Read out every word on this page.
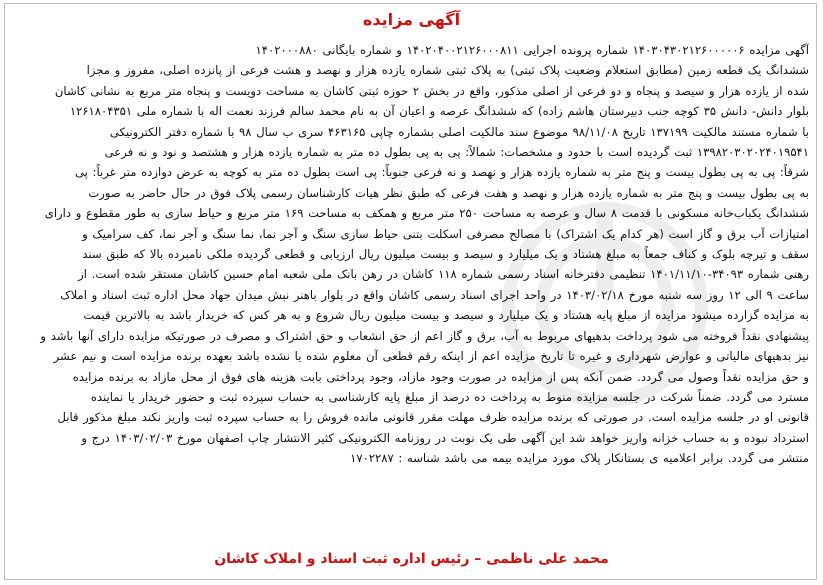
آگهی مزایده
آگهی مزایده ۱۴۰۳۰۴۳۰۲۱۲۶۰۰۰۰۰۶ شماره پرونده اجرایی ۱۴۰۲۰۴۰۰۲۱۲۶۰۰۰۸۱۱ و شماره بایگانی ۱۴۰۲۰۰۰۸۸۰
ششدانگ یک قطعه زمین (مطابق استعلام وضعیت پلاک ثبتی) به پلاک ثبتی شماره یازده هزار و نهصد و هشت فرعی از پانزده اصلی، مفروز و مجزا
شده از یازده هزار و سیصد و پنجاه و دو فرعی از اصلی مذکور، واقع در بخش ۲ حوزه ثبتی کاشان به مساحت دویست و پنجاه متر مربع به نشانی کاشان
بلوار دانش- دانش ۳۵ کوچه جنب دبیرستان هاشم زاده) که ششدانگ عرصه و اعیان آن به نام محمد سالم فرزند نعمت اله با شماره ملی ۱۲۶۱۸۰۴۳۵۱
با شماره مستند مالکیت ۱۳۷۱۹۹ تاریخ ۹۸/۱۱/۰۸ موضوع سند مالکیت اصلی بشماره چاپی ۴۶۳۱۶۵ سری ب سال ۹۸ با شماره دفتر الکترونیکی
۱۳۹۸۲۰۳۰۲۰۲۴۰۱۹۵۴۱ ثبت گردیده است با حدود و مشخصات: شمالاً: پی به پی بطول ده متر به شماره یازده هزار و هشتصد و نود و نه فرعی
شرقاً: پی به پی بطول بیست و پنج متر به شماره یازده هزار و نهصد و نه فرعی جنوباً: پی است بطول ده متر به کوچه به عرض دوازده متر غرباً: پی
به پی بطول بیست و پنج متر به شماره یازده هزار و نهصد و هفت فرعی که طبق نظر هیات کارشناسان رسمی پلاک فوق در حال حاضر به صورت
ششدانگ یکباب‌خانه مسکونی با قدمت ۸ سال و عرصه به مساحت ۲۵۰ متر مربع و همکف به مساحت ۱۶۹ متر مربع و حیاط سازی به طور مقطوع و دارای
امتیازات آب برق و گاز است (هر کدام یک اشتراک) با مصالح مصرفی اسکلت بتنی حیاط سازی سنگ و آجر نما، نما سنگ و آجر نما، کف سرامیک و
سقف و تیرچه بلوک و کناف جمعاً به مبلغ هشتاد و یک میلیارد و سیصد و بیست میلیون ریال ارزیابی و قطعی گردیده ملکی نامبرده بالا که طبق سند
رهنی شماره ۳۴۰۹۳-۱۴۰۱/۱۱/۱۰ تنظیمی دفترخانه اسناد رسمی شماره ۱۱۸ کاشان در رهن بانک ملی شعبه امام حسین کاشان مستقر شده است. از
ساعت ۹ الی ۱۲ روز سه شنبه مورخ ۱۴۰۳/۰۲/۱۸ در واحد اجرای اسناد رسمی کاشان واقع در بلوار باهنر نبش میدان جهاد محل اداره ثبت اسناد و املاک
به مزایده گزارده میشود مزایده از مبلغ پایه هشتاد و یک میلیارد و سیصد و بیست میلیون ریال شروع و به هر کس که خریدار باشد به بالاترین قیمت
پیشنهادی نقداً فروخته می شود پرداخت بدهیهای مربوط به آب، برق و گاز اعم از حق انشعاب و حق اشتراک و مصرف در صورتیکه مزایده دارای آنها باشد و
نیز بدهیهای مالیاتی و عوارض شهرداری و غیره تا تاریخ مزایده اعم از اینکه رقم قطعی آن معلوم شده یا نشده باشد بعهده برنده مزایده است و نیم عشر
و حق مزایده نقداً وصول می گردد. ضمن آنکه پس از مزایده در صورت وجود مازاد، وجود پرداختی بابت هزینه های فوق از محل مازاد به برنده مزایده
مسترد می گردد. ضمناً شرکت در جلسه مزایده منوط به پرداخت ده درصد از مبلغ پایه کارشناسی به حساب سپرده ثبت و حضور خریدار یا نماینده
قانونی او در جلسه مزایده است. در صورتی که برنده مزایده ظرف مهلت مقرر قانونی مانده فروش را به حساب سپرده ثبت واریز نکند مبلغ مذکور قابل
استرداد نبوده و به حساب خزانه واریز خواهد شد این آگهی طی یک نوبت در روزنامه الکترونیکی کثیر الانتشار چاپ اصفهان مورخ ۱۴۰۳/۰۲/۰۳ درج و
منتشر می گردد. برابر اعلامیه ی بستانکار پلاک مورد مزایده بیمه می باشد شناسه : ۱۷۰۲۲۸۷
محمد علی ناظمی – رئیس اداره ثبت اسناد و املاک کاشان
